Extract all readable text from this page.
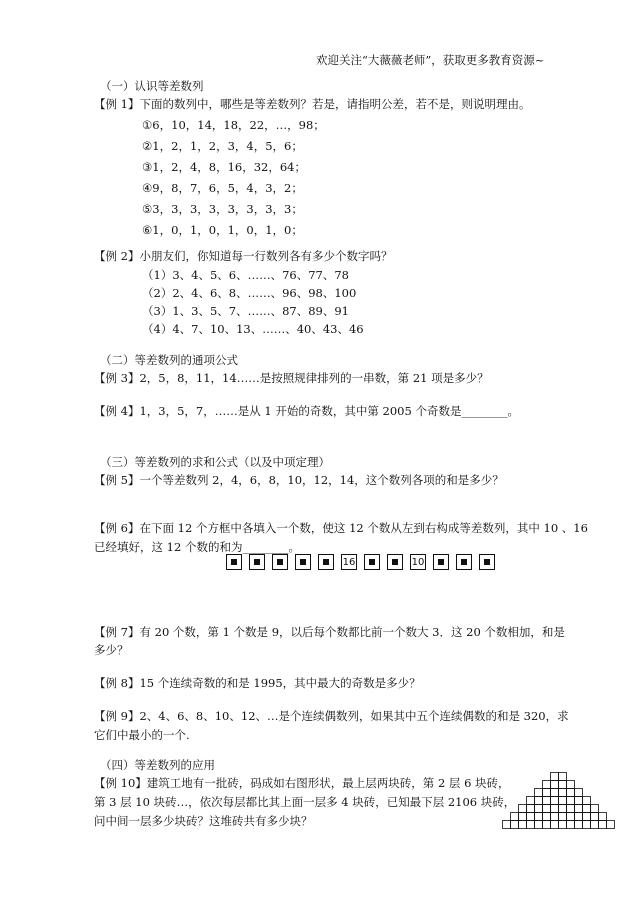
欢迎关注“大薇薇老师”，获取更多教育资源~
（一）认识等差数列
【例 1】下面的数列中，哪些是等差数列？若是，请指明公差，若不是，则说明理由。
①6，10，14，18，22，…，98；
②1，2，1，2，3，4，5，6；
③1，2，4，8，16，32，64；
④9，8，7，6，5，4，3，2；
⑤3，3，3，3，3，3，3，3；
⑥1，0，1，0，1，0，1，0；
【例 2】小朋友们，你知道每一行数列各有多少个数字吗？
（1）3、4、5、6、……、76、77、78
（2）2、4、6、8、……、96、98、100
（3）1、3、5、7、……、87、89、91
（4）4、7、10、13、……、40、43、46
（二）等差数列的通项公式
【例 3】2，5，8，11，14……是按照规律排列的一串数，第 21 项是多少？
【例 4】1，3，5，7，……是从 1 开始的奇数，其中第 2005 个奇数是________。
（三）等差数列的求和公式（以及中项定理）
【例 5】一个等差数列 2，4，6，8，10，12，14，这个数列各项的和是多少？
【例 6】在下面 12 个方框中各填入一个数，使这 12 个数从左到右构成等差数列，其中 10 、16
已经填好，这 12 个数的和为________。
16	10
【例 7】有 20 个数，第 1 个数是 9，以后每个数都比前一个数大 3．这 20 个数相加，和是
多少？
【例 8】15 个连续奇数的和是 1995，其中最大的奇数是多少？
【例 9】2、4、6、8、10、12、…是个连续偶数列，如果其中五个连续偶数的和是 320，求
它们中最小的一个.
（四）等差数列的应用
【例 10】建筑工地有一批砖，码成如右图形状，最上层两块砖，第 2 层 6 块砖，
第 3 层 10 块砖…，依次每层都比其上面一层多 4 块砖，已知最下层 2106 块砖，
问中间一层多少块砖？这堆砖共有多少块？
